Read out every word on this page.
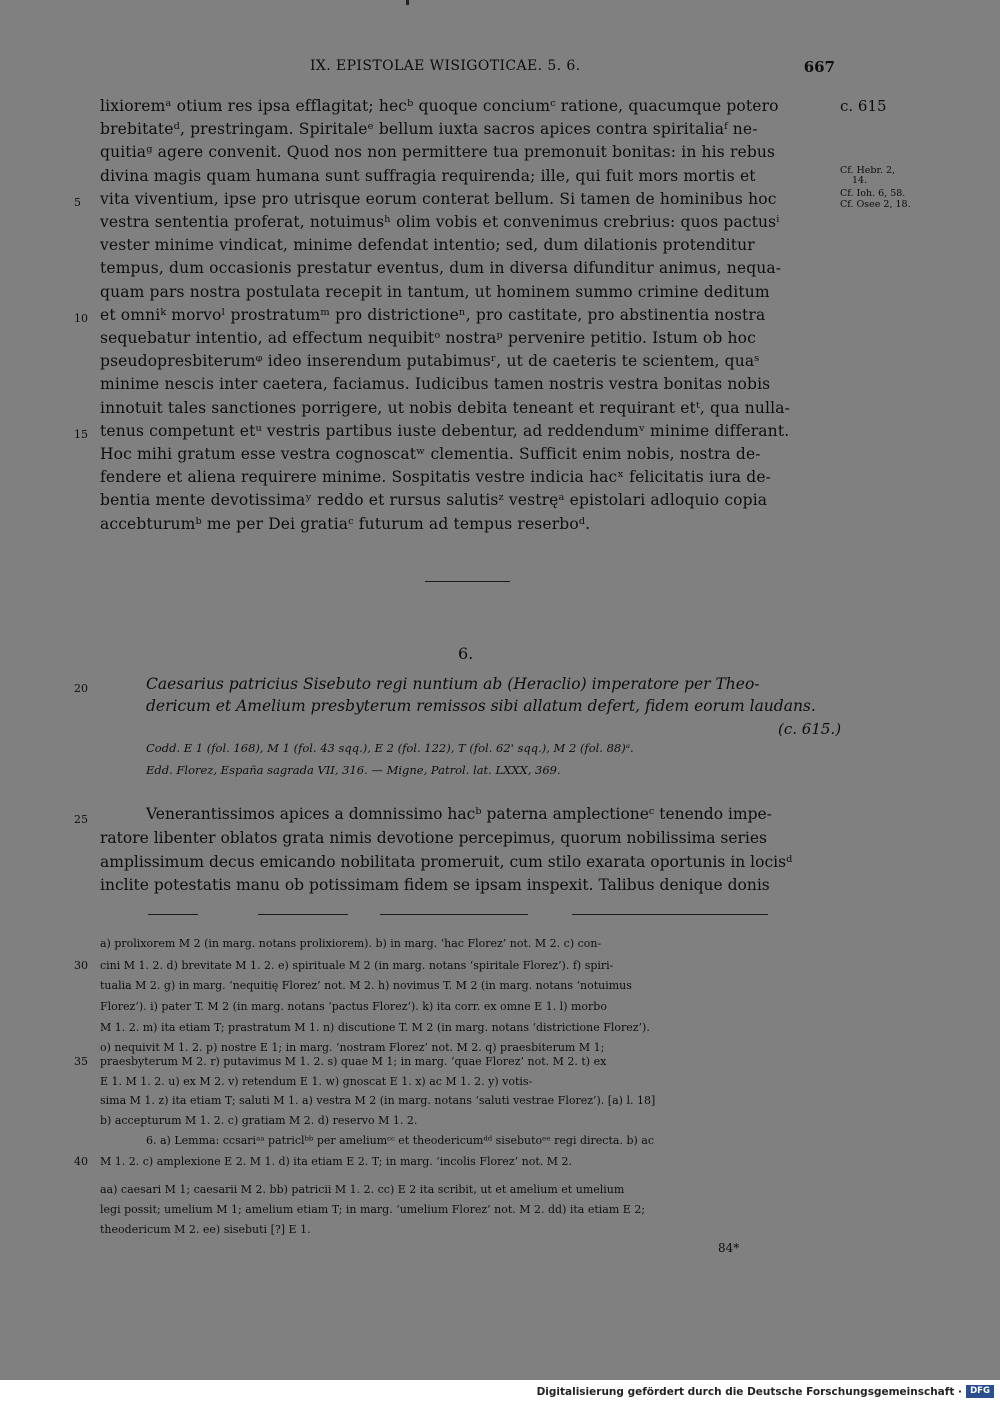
IX. EPISTOLAE WISIGOTICAE. 5. 6.	667
c. 615
Cf. Hebr. 2,
14.
Cf. Ioh. 6, 58.
Cf. Osee 2, 18.
lixioremᵃ otium res ipsa efflagitat; hecᵇ quoque conciumᶜ ratione, quacumque potero
brebitateᵈ, prestringam. Spiritaleᵉ bellum iuxta sacros apices contra spiritaliaᶠ ne-
quitiaᵍ agere convenit. Quod nos non permittere tua premonuit bonitas: in his rebus
divina magis quam humana sunt suffragia requirenda; ille, qui fuit mors mortis et
vita viventium, ipse pro utrisque eorum conterat bellum. Si tamen de hominibus hoc
5
vestra sententia proferat, notuimusʰ olim vobis et convenimus crebrius: quos pactusⁱ
vester minime vindicat, minime defendat intentio; sed, dum dilationis protenditur
tempus, dum occasionis prestatur eventus, dum in diversa difunditur animus, nequa-
quam pars nostra postulata recepit in tantum, ut hominem summo crimine deditum
et omniᵏ morvoˡ prostratumᵐ pro districtioneⁿ, pro castitate, pro abstinentia nostra
10
sequebatur intentio, ad effectum nequibitᵒ nostraᵖ pervenire petitio. Istum ob hoc
pseudopresbiterumᵠ ideo inserendum putabimusʳ, ut de caeteris te scientem, quaˢ
minime nescis inter caetera, faciamus. Iudicibus tamen nostris vestra bonitas nobis
innotuit tales sanctiones porrigere, ut nobis debita teneant et requirant etᵗ, qua nulla-
tenus competunt etᵘ vestris partibus iuste debentur, ad reddendumᵛ minime differant.
15
Hoc mihi gratum esse vestra cognoscatʷ clementia. Sufficit enim nobis, nostra de-
fendere et aliena requirere minime. Sospitatis vestre indicia hacˣ felicitatis iura de-
bentia mente devotissimaʸ reddo et rursus salutisᶻ vestręᵃ epistolari adloquio copia
accebturumᵇ me per Dei gratiaᶜ futurum ad tempus reserboᵈ.
6.
20	Caesarius patricius Sisebuto regi nuntium ab (Heraclio) imperatore per Theo-
dericum et Amelium presbyterum remissos sibi allatum defert, fidem eorum laudans.
(c. 615.)
Codd. E 1 (fol. 168), M 1 (fol. 43 sqq.), E 2 (fol. 122), T (fol. 62' sqq.), M 2 (fol. 88)ᵃ.
Edd. Florez, España sagrada VII, 316. — Migne, Patrol. lat. LXXX, 369.
25	Venerantissimos apices a domnissimo hacᵇ paterna amplectioneᶜ tenendo impe-
ratore libenter oblatos grata nimis devotione percepimus, quorum nobilissima series
amplissimum decus emicando nobilitata promeruit, cum stilo exarata oportunis in locisᵈ
inclite potestatis manu ob potissimam fidem se ipsam inspexit. Talibus denique donis
a) prolixorem M 2 (in marg. notans prolixiorem). b) in marg. ‘hac Florez’ not. M 2. c) con-
cini M 1. 2. d) brevitate M 1. 2. e) spirituale M 2 (in marg. notans ‘spiritale Florez’). f) spiri-
30
tualia M 2. g) in marg. ‘nequitię Florez’ not. M 2. h) novimus T. M 2 (in marg. notans ‘notuimus
Florez’). i) pater T. M 2 (in marg. notans ‘pactus Florez’). k) ita corr. ex omne E 1. l) morbo
M 1. 2. m) ita etiam T; prastratum M 1. n) discutione T. M 2 (in marg. notans ‘districtione Florez’).
o) nequivit M 1. 2. p) nostre E 1; in marg. ‘nostram Florez’ not. M 2. q) praesbiterum M 1;
praesbyterum M 2. r) putavimus M 1. 2. s) quae M 1; in marg. ‘quae Florez’ not. M 2. t) ex
35
E 1. M 1. 2. u) ex M 2. v) retendum E 1. w) gnoscat E 1. x) ac M 1. 2. y) votis-
sima M 1. z) ita etiam T; saluti M 1. a) vestra M 2 (in marg. notans ‘saluti vestrae Florez’). [a) l. 18]
b) accepturum M 1. 2. c) gratiam M 2. d) reservo M 1. 2.
6. a) Lemma: ccsariᵃᵃ patriclᵇᵇ per ameliumᶜᶜ et theodericumᵈᵈ sisebutoᵉᵉ regi directa. b) ac
M 1. 2. c) amplexione E 2. M 1. d) ita etiam E 2. T; in marg. ‘incolis Florez’ not. M 2.
40
aa) caesari M 1; caesarii M 2. bb) patricii M 1. 2. cc) E 2 ita scribit, ut et amelium et umelium
legi possit; umelium M 1; amelium etiam T; in marg. ‘umelium Florez’ not. M 2. dd) ita etiam E 2;
theodericum M 2. ee) sisebuti [?] E 1.
84*
Digitalisierung gefördert durch die Deutsche Forschungsgemeinschaft · DFG
